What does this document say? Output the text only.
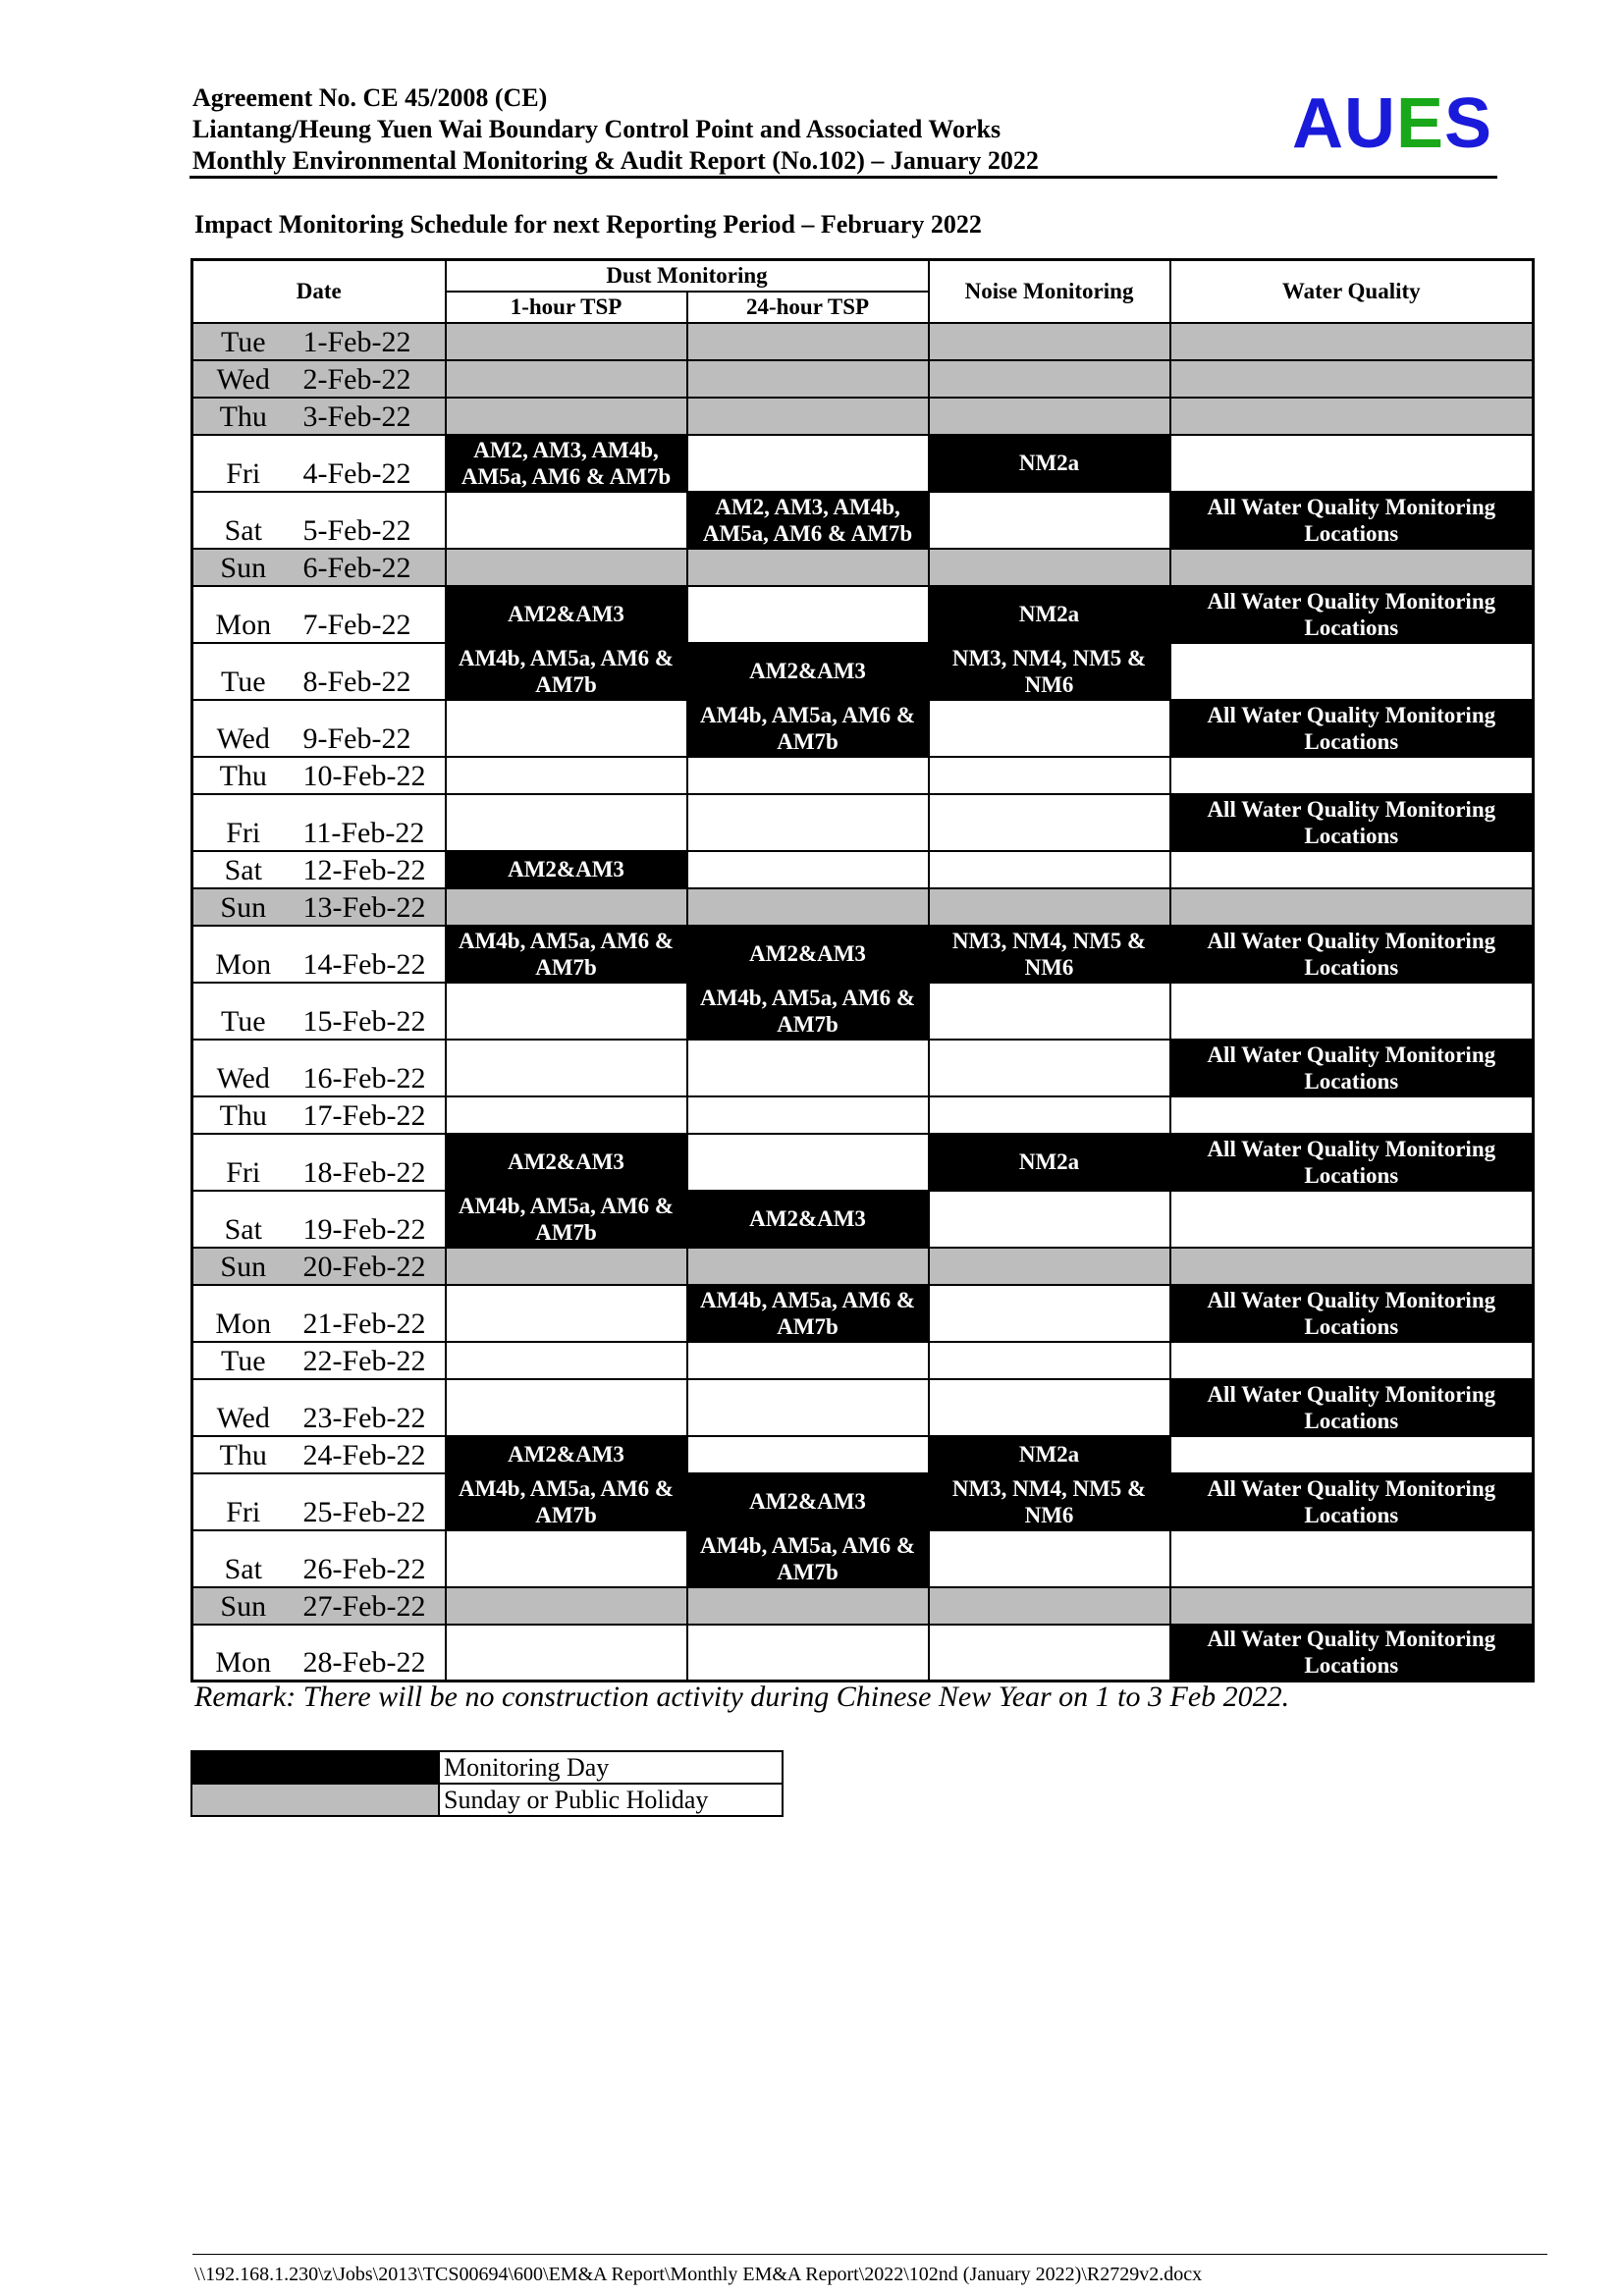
Agreement No. CE 45/2008 (CE)
Liantang/Heung Yuen Wai Boundary Control Point and Associated Works
Monthly Environmental Monitoring & Audit Report (No.102) – January 2022	AUES
Impact Monitoring Schedule for next Reporting Period – February 2022
Date		Dust Monitoring		Noise Monitoring	Water Quality
		1-hour TSP	24-hour TSP		
Tue	1-Feb-22				
Wed	2-Feb-22				
Thu	3-Feb-22				
Fri	4-Feb-22	AM2, AM3, AM4b, AM5a, AM6 & AM7b		NM2a	
Sat	5-Feb-22		AM2, AM3, AM4b, AM5a, AM6 & AM7b		All Water Quality Monitoring Locations
Sun	6-Feb-22				
Mon	7-Feb-22	AM2&AM3		NM2a	All Water Quality Monitoring Locations
Tue	8-Feb-22	AM4b, AM5a, AM6 & AM7b	AM2&AM3	NM3, NM4, NM5 & NM6	
Wed	9-Feb-22		AM4b, AM5a, AM6 & AM7b		All Water Quality Monitoring Locations
Thu	10-Feb-22				
Fri	11-Feb-22				All Water Quality Monitoring Locations
Sat	12-Feb-22	AM2&AM3			
Sun	13-Feb-22				
Mon	14-Feb-22	AM4b, AM5a, AM6 & AM7b	AM2&AM3	NM3, NM4, NM5 & NM6	All Water Quality Monitoring Locations
Tue	15-Feb-22		AM4b, AM5a, AM6 & AM7b		
Wed	16-Feb-22				All Water Quality Monitoring Locations
Thu	17-Feb-22				
Fri	18-Feb-22	AM2&AM3		NM2a	All Water Quality Monitoring Locations
Sat	19-Feb-22	AM4b, AM5a, AM6 & AM7b	AM2&AM3		
Sun	20-Feb-22				
Mon	21-Feb-22		AM4b, AM5a, AM6 & AM7b		All Water Quality Monitoring Locations
Tue	22-Feb-22				
Wed	23-Feb-22				All Water Quality Monitoring Locations
Thu	24-Feb-22	AM2&AM3		NM2a	
Fri	25-Feb-22	AM4b, AM5a, AM6 & AM7b	AM2&AM3	NM3, NM4, NM5 & NM6	All Water Quality Monitoring Locations
Sat	26-Feb-22		AM4b, AM5a, AM6 & AM7b		
Sun	27-Feb-22				
Mon	28-Feb-22				All Water Quality Monitoring Locations
Remark: There will be no construction activity during Chinese New Year on 1 to 3 Feb 2022.
	Monitoring Day
	Sunday or Public Holiday
\\192.168.1.230\z\Jobs\2013\TCS00694\600\EM&A Report\Monthly EM&A Report\2022\102nd (January 2022)\R2729v2.docx
